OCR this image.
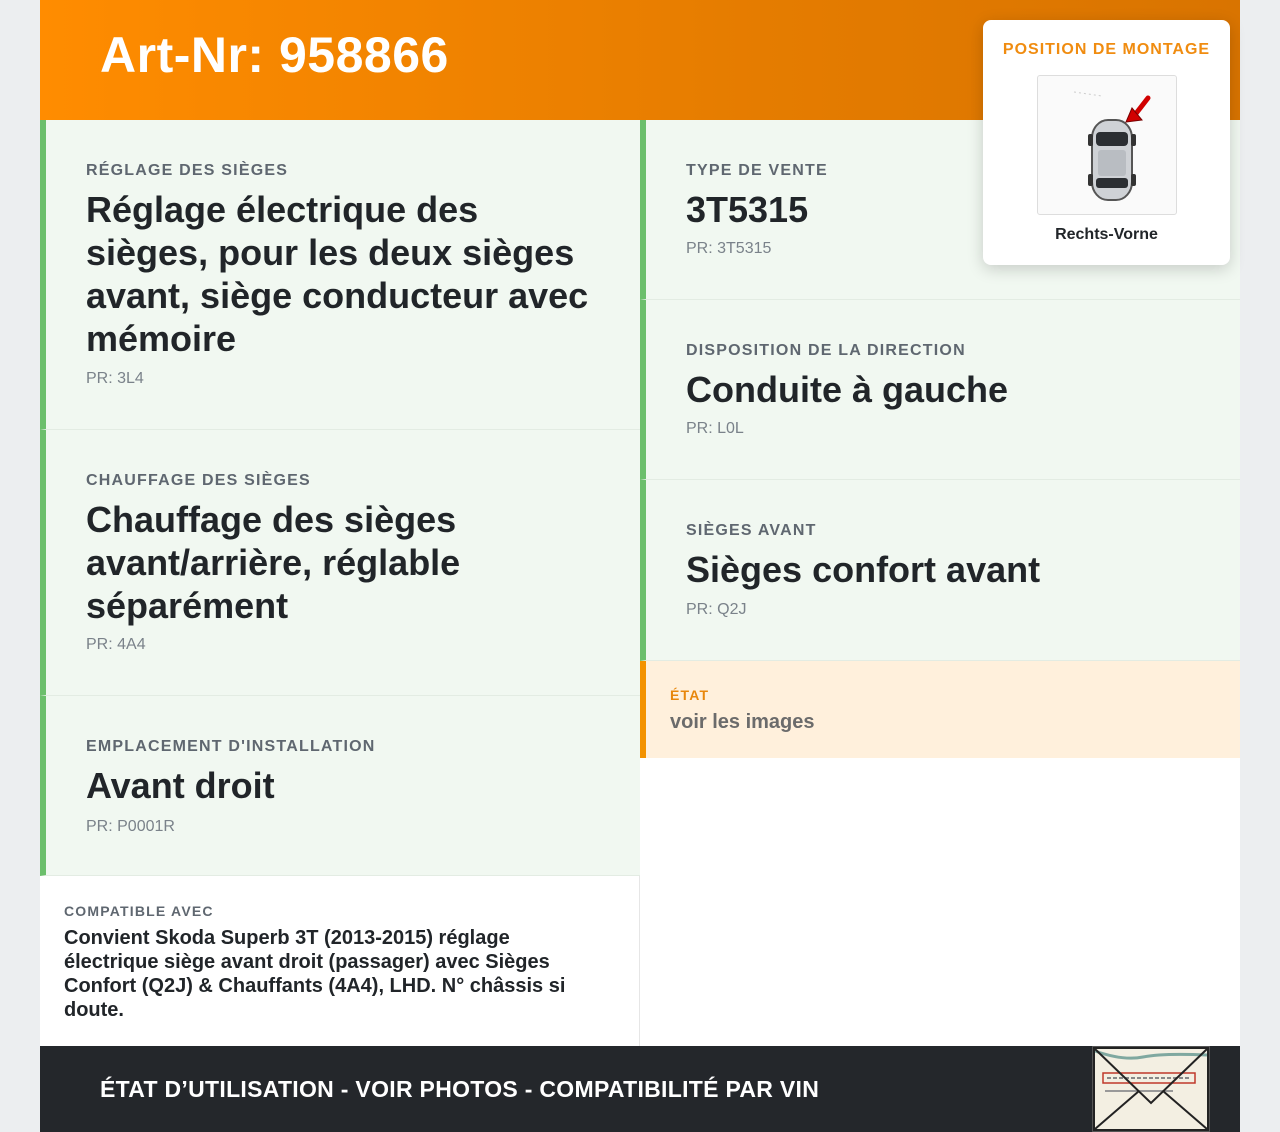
Art-Nr: 958866
RÉGLAGE DES SIÈGES
Réglage électrique des sièges, pour les deux sièges avant, siège conducteur avec mémoire
PR: 3L4
CHAUFFAGE DES SIÈGES
Chauffage des sièges avant/arrière, réglable séparément
PR: 4A4
EMPLACEMENT D'INSTALLATION
Avant droit
PR: P0001R
TYPE DE VENTE
3T5315
PR: 3T5315
DISPOSITION DE LA DIRECTION
Conduite à gauche
PR: L0L
SIÈGES AVANT
Sièges confort avant
PR: Q2J
ÉTAT
voir les images
COMPATIBLE AVEC
Convient Skoda Superb 3T (2013-2015) réglage électrique siège avant droit (passager) avec Sièges Confort (Q2J) & Chauffants (4A4), LHD. N° châssis si doute.
POSITION DE MONTAGE
Rechts-Vorne
ÉTAT D’UTILISATION - VOIR PHOTOS - COMPATIBILITÉ PAR VIN
